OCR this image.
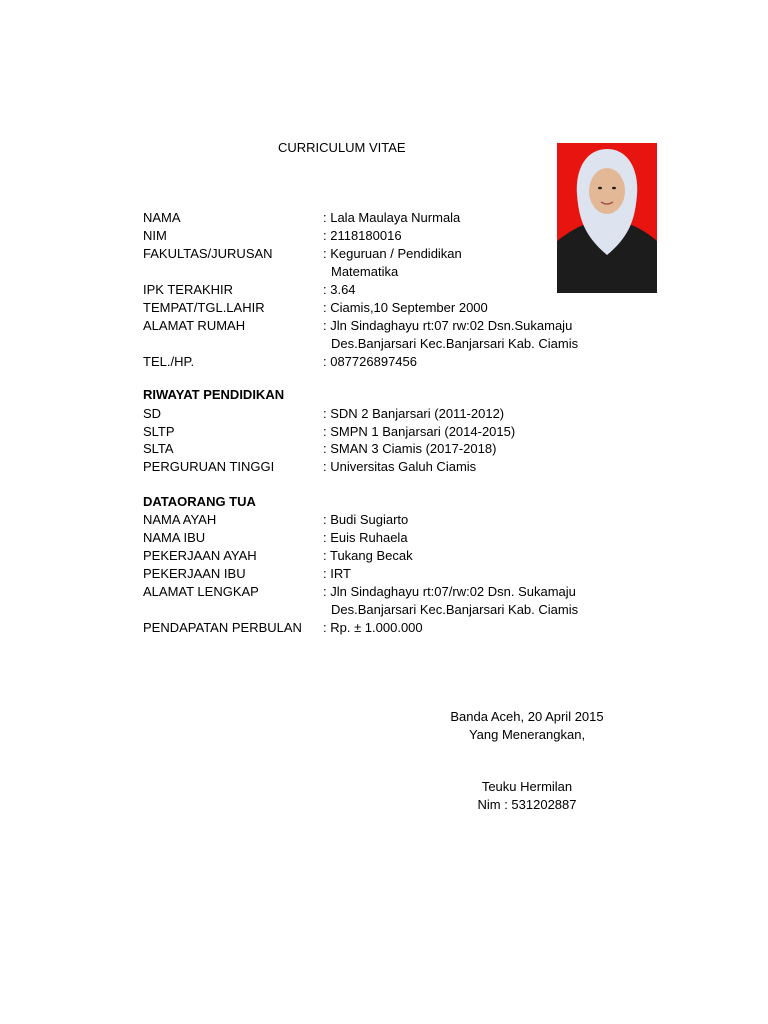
CURRICULUM VITAE
NAMA	: Lala Maulaya Nurmala
NIM	: 2118180016
FAKULTAS/JURUSAN	: Keguruan / Pendidikan
Matematika
IPK TERAKHIR	: 3.64
TEMPAT/TGL.LAHIR	: Ciamis,10 September 2000
ALAMAT RUMAH	: Jln Sindaghayu rt:07 rw:02 Dsn.Sukamaju
Des.Banjarsari Kec.Banjarsari Kab. Ciamis
TEL./HP.	: 087726897456
RIWAYAT PENDIDIKAN
SD	: SDN 2 Banjarsari (2011-2012)
SLTP	: SMPN 1 Banjarsari (2014-2015)
SLTA	: SMAN 3 Ciamis (2017-2018)
PERGURUAN TINGGI	: Universitas Galuh Ciamis
DATAORANG TUA
NAMA AYAH	: Budi Sugiarto
NAMA IBU	: Euis Ruhaela
PEKERJAAN AYAH	: Tukang Becak
PEKERJAAN IBU	: IRT
ALAMAT LENGKAP	: Jln Sindaghayu rt:07/rw:02 Dsn. Sukamaju
Des.Banjarsari Kec.Banjarsari Kab. Ciamis
PENDAPATAN PERBULAN : Rp. ± 1.000.000
Banda Aceh, 20 April 2015
Yang Menerangkan,
Teuku Hermilan
Nim : 531202887
